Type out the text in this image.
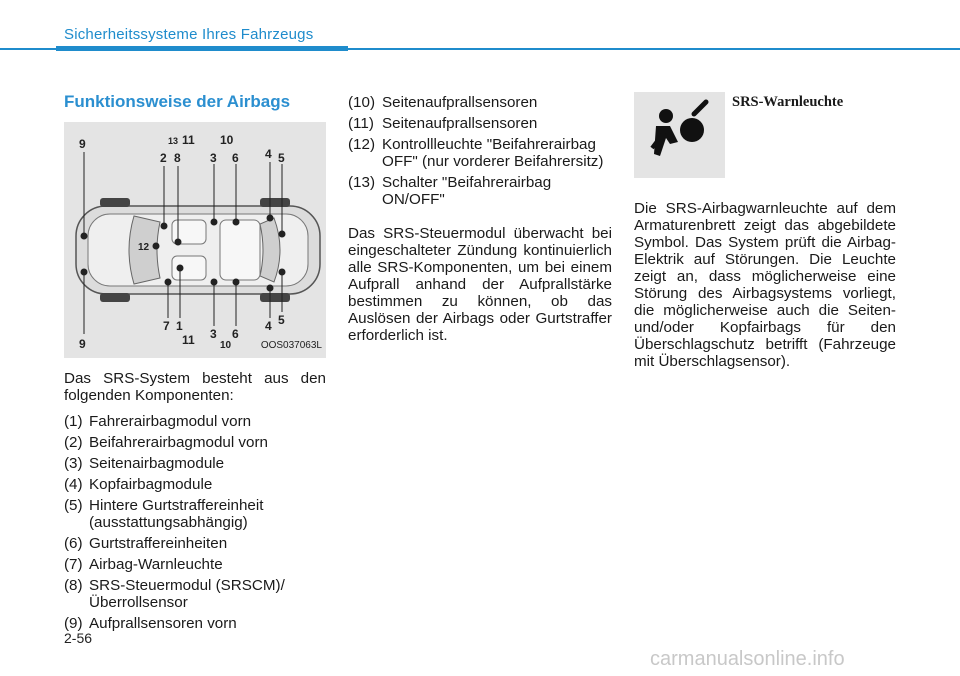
Sicherheitssysteme Ihres Fahrzeugs
Funktionsweise der Airbags
9	13 11 10
2 8 3 6 4 5
12
9
7 1
11 3
10
6
4 5
OOS037063L

Das SRS-System besteht aus den folgenden Komponenten:

(1) Fahrerairbagmodul vorn
(2) Beifahrerairbagmodul vorn
(3) Seitenairbagmodule
(4) Kopfairbagmodule
(5) Hintere Gurtstraffereinheit (ausstattungsabhängig)
(6) Gurtstraffereinheiten
(7) Airbag-Warnleuchte
(8) SRS-Steuermodul (SRSCM)/Überrollsensor
(9) Aufprallsensoren vorn
(10) Seitenaufprallsensoren
(11) Seitenaufprallsensoren
(12) Kontrollleuchte "Beifahrerairbag OFF" (nur vorderer Beifahrersitz)
(13) Schalter "Beifahrerairbag ON/OFF"

Das SRS-Steuermodul überwacht bei eingeschalteter Zündung kontinuierlich alle SRS-Komponenten, um bei einem Aufprall anhand der Aufprallstärke bestimmen zu können, ob das Auslösen der Airbags oder Gurtstraffer erforderlich ist.

SRS-Warnleuchte

Die SRS-Airbagwarnleuchte auf dem Armaturenbrett zeigt das abgebildete Symbol. Das System prüft die Airbag-Elektrik auf Störungen. Die Leuchte zeigt an, dass möglicherweise eine Störung des Airbagsystems vorliegt, die möglicherweise auch die Seiten- und/oder Kopfairbags für den Überschlagschutz betrifft (Fahrzeuge mit Überschlagsensor).

2-56
carmanualsonline.info
